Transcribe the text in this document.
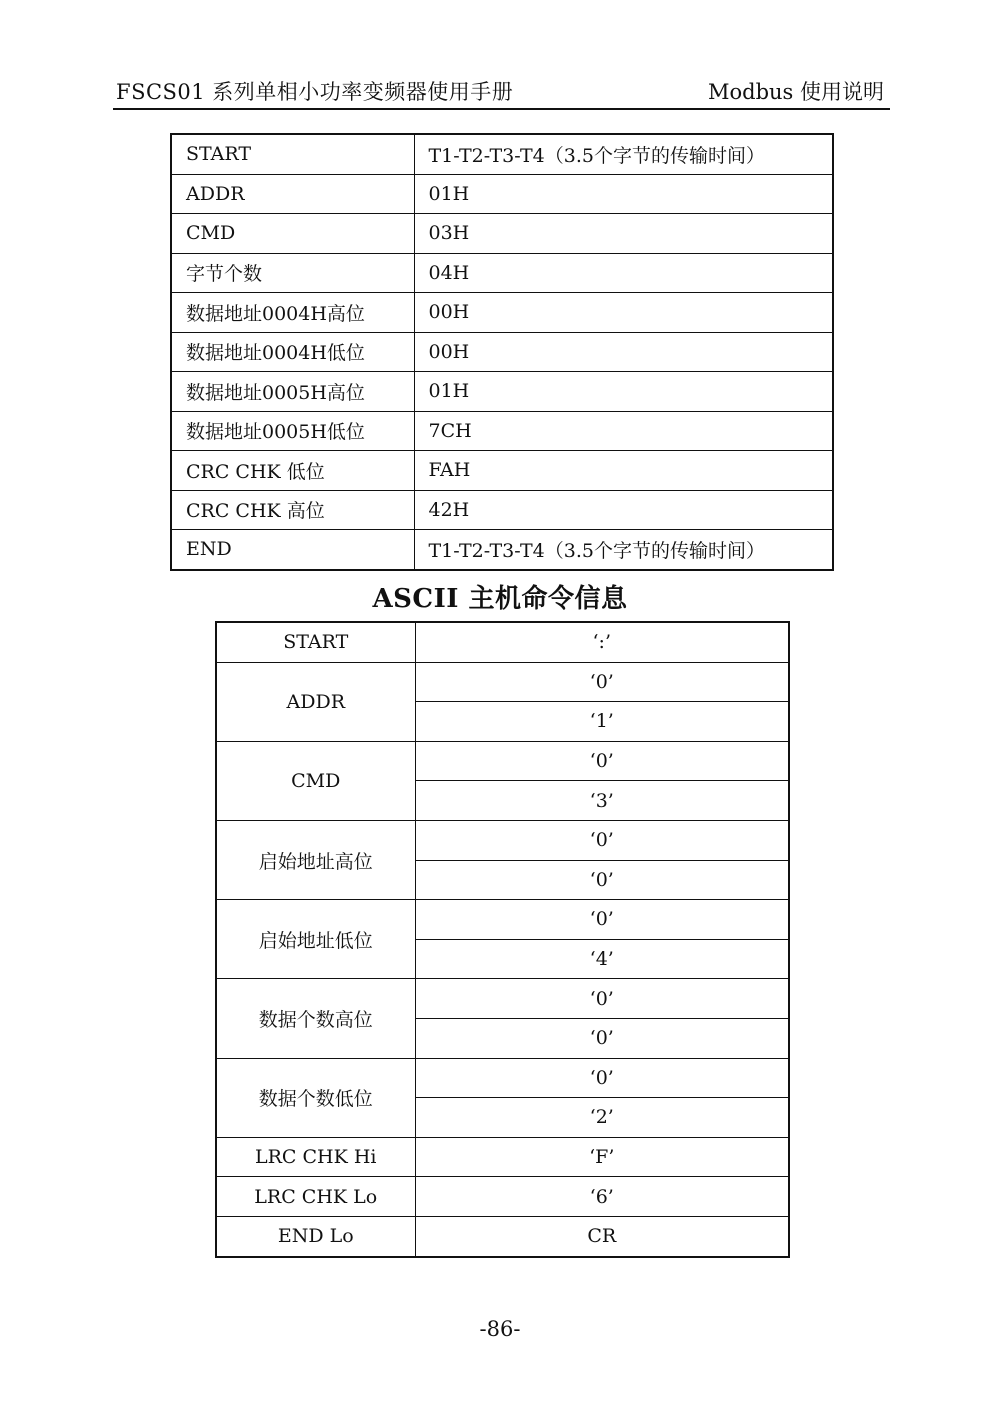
FSCS01 系列单相小功率变频器使用手册	Modbus 使用说明
START	T1-T2-T3-T4（3.5个字节的传输时间）
ADDR	01H
CMD	03H
字节个数	04H
数据地址0004H高位	00H
数据地址0004H低位	00H
数据地址0005H高位	01H
数据地址0005H低位	7CH
CRC CHK 低位	FAH
CRC CHK 高位	42H
END	T1-T2-T3-T4（3.5个字节的传输时间）
ASCII 主机命令信息
START	‘:’
ADDR	‘0’
	‘1’
CMD	‘0’
	‘3’
启始地址高位	‘0’
	‘0’
启始地址低位	‘0’
	‘4’
数据个数高位	‘0’
	‘0’
数据个数低位	‘0’
	‘2’
LRC CHK Hi	‘F’
LRC CHK Lo	‘6’
END Lo	CR
-86-
